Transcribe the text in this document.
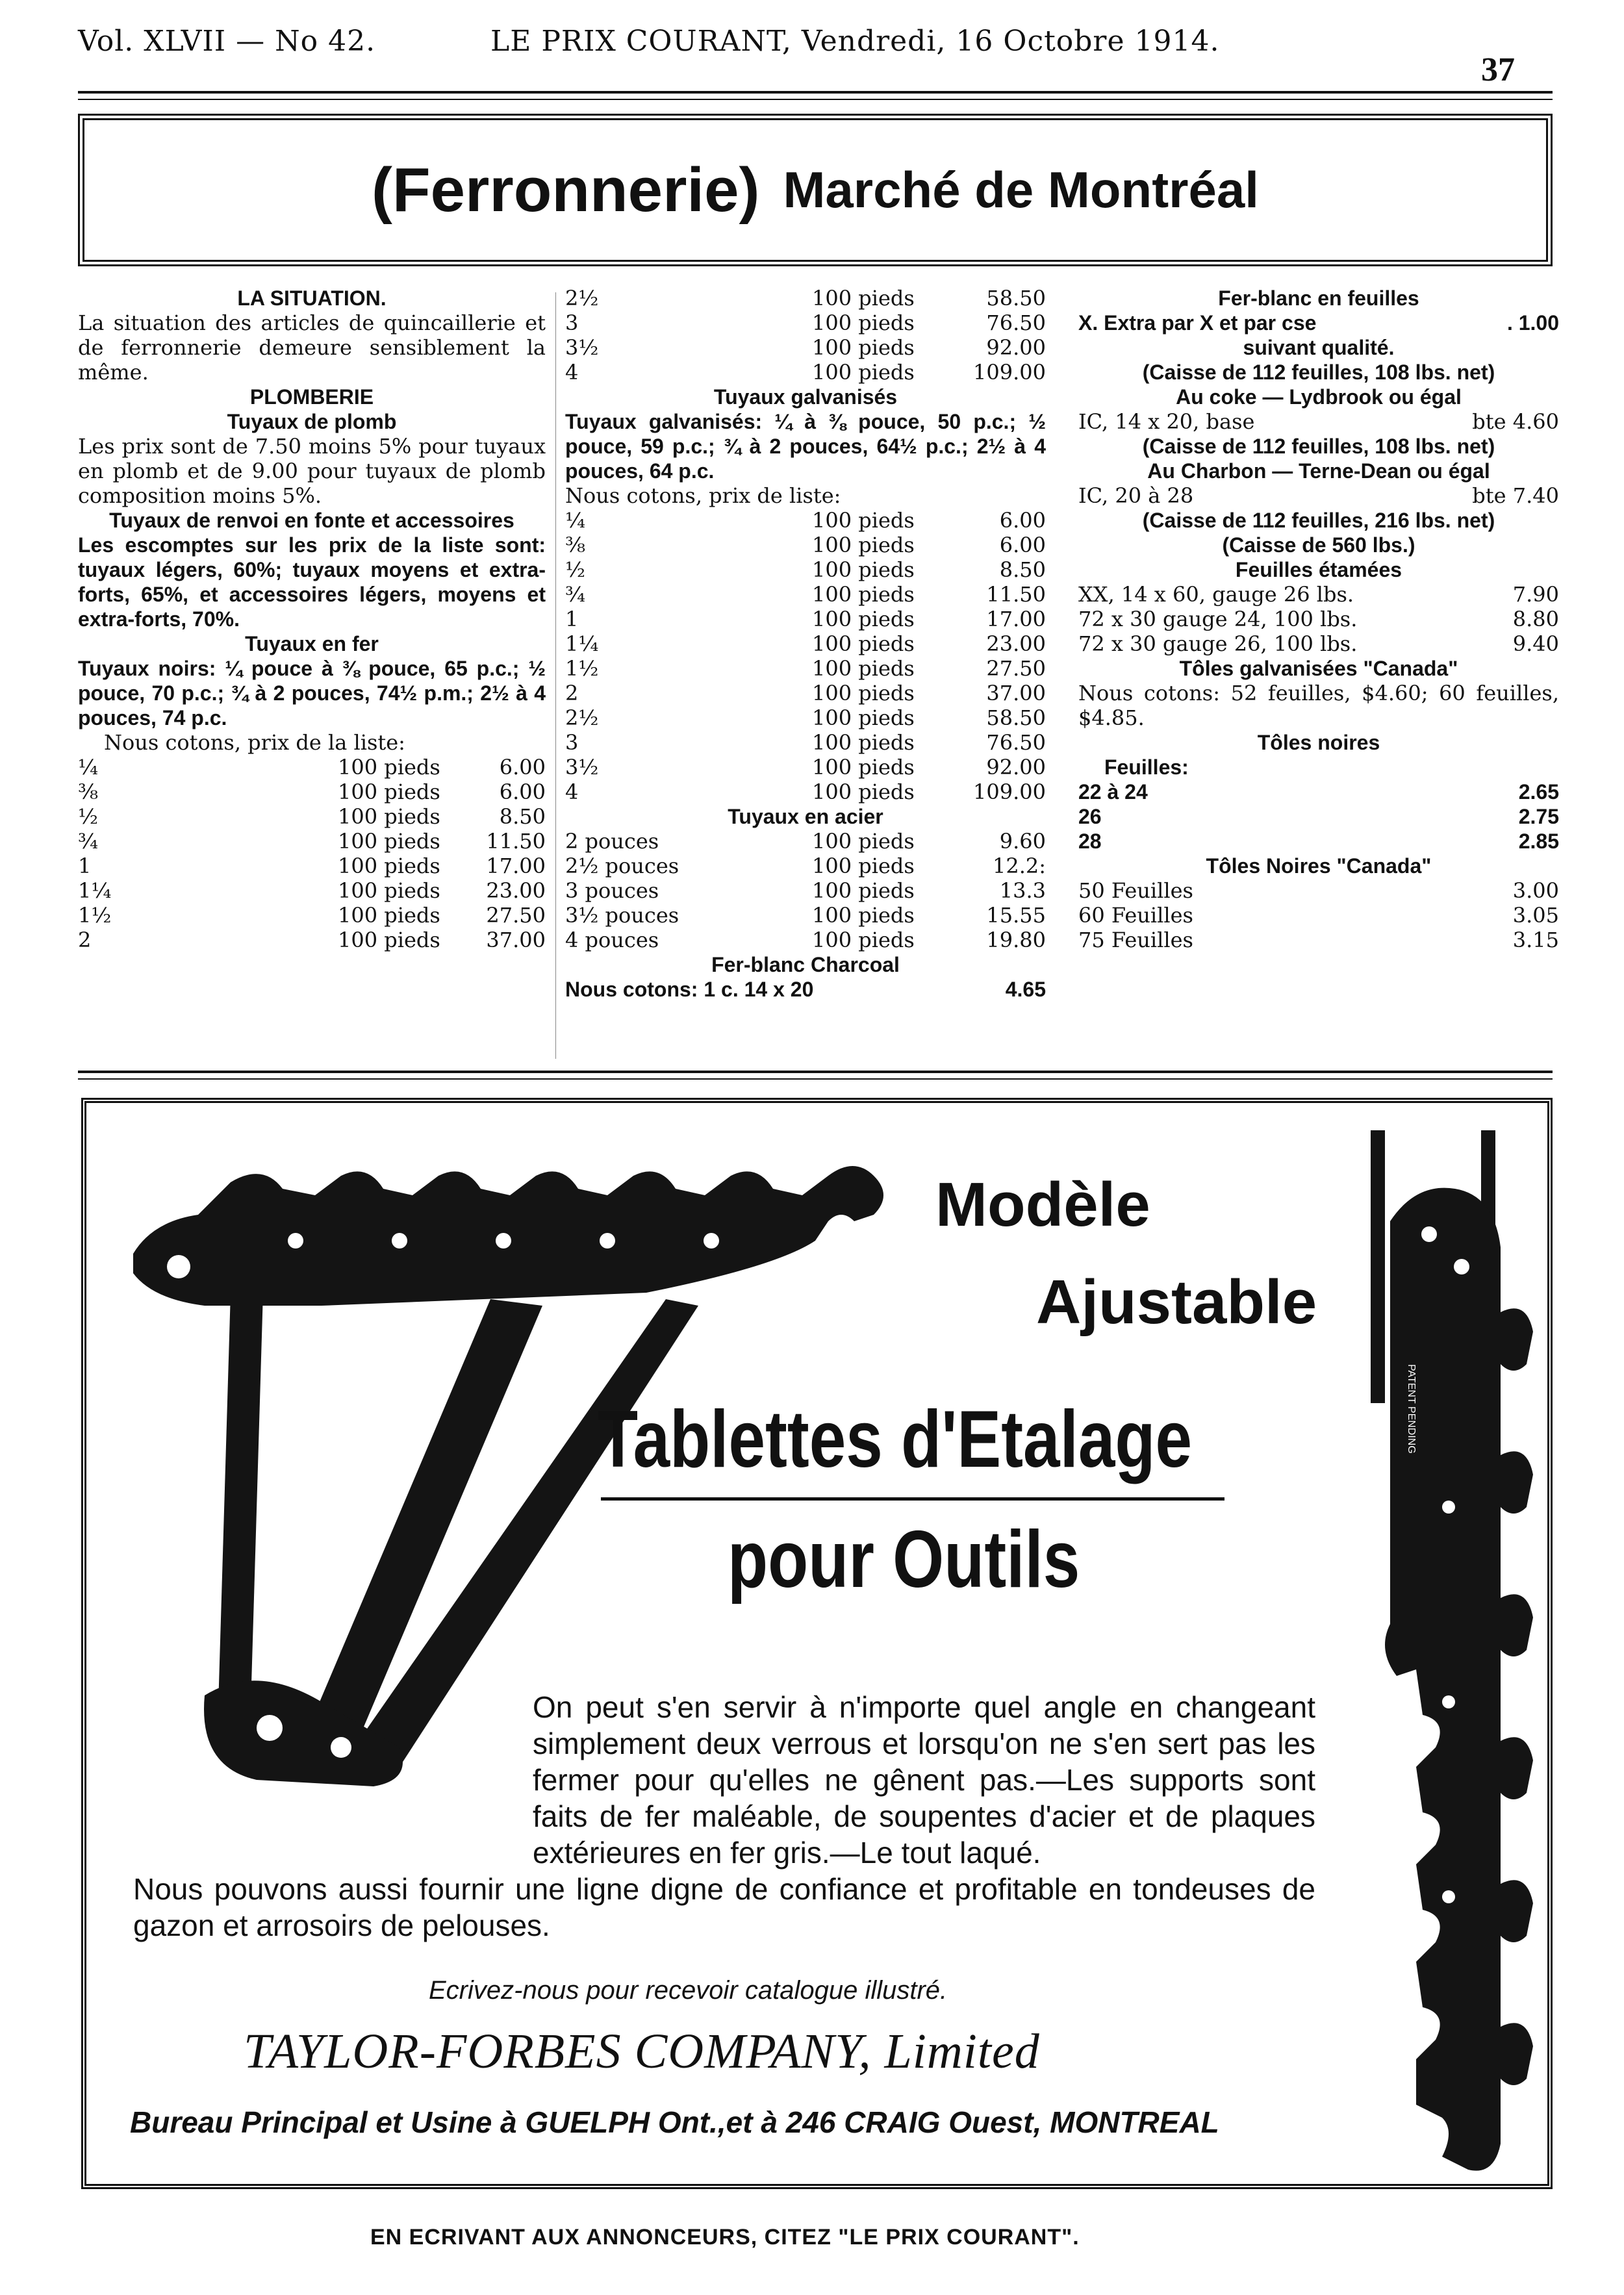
Vol. XLVII — No 42.	LE PRIX COURANT, Vendredi, 16 Octobre 1914.
37
(Ferronnerie) Marché de Montréal
LA SITUATION.
La situation des articles de quincaillerie et de ferronnerie demeure sensiblement la même.
PLOMBERIE
Tuyaux de plomb
Les prix sont de 7.50 moins 5% pour tuyaux en plomb et de 9.00 pour tuyaux de plomb composition moins 5%.
Tuyaux de renvoi en fonte et accessoires
Les escomptes sur les prix de la liste sont: tuyaux légers, 60%; tuyaux moyens et extra-forts, 65%, et accessoires légers, moyens et extra-forts, 70%.
Tuyaux en fer
Tuyaux noirs: ¼ pouce à ⅜ pouce, 65 p.c.; ½ pouce, 70 p.c.; ¾ à 2 pouces, 74½ p.m.; 2½ à 4 pouces, 74 p.c.
Nous cotons, prix de la liste:
¼	100 pieds	6.00
⅜	100 pieds	6.00
½	100 pieds	8.50
¾	100 pieds	11.50
1	100 pieds	17.00
1¼	100 pieds	23.00
1½	100 pieds	27.50
2	100 pieds	37.00
2½	100 pieds	58.50
3	100 pieds	76.50
3½	100 pieds	92.00
4	100 pieds	109.00
Tuyaux galvanisés
Tuyaux galvanisés: ¼ à ⅜ pouce, 50 p.c.; ½ pouce, 59 p.c.; ¾ à 2 pouces, 64½ p.c.; 2½ à 4 pouces, 64 p.c.
Nous cotons, prix de liste:
¼	100 pieds	6.00
⅜	100 pieds	6.00
½	100 pieds	8.50
¾	100 pieds	11.50
1	100 pieds	17.00
1¼	100 pieds	23.00
1½	100 pieds	27.50
2	100 pieds	37.00
2½	100 pieds	58.50
3	100 pieds	76.50
3½	100 pieds	92.00
4	100 pieds	109.00
Tuyaux en acier
2 pouces	100 pieds	9.60
2½ pouces	100 pieds	12.2:
3 pouces	100 pieds	13.3
3½ pouces	100 pieds	15.55
4 pouces	100 pieds	19.80
Fer-blanc Charcoal
Nous cotons: 1 c. 14 x 20	4.65
Fer-blanc en feuilles
X. Extra par X et par cse	. 1.00
suivant qualité.
(Caisse de 112 feuilles, 108 lbs. net)
Au coke — Lydbrook ou égal
IC, 14 x 20, base	bte 4.60
(Caisse de 112 feuilles, 108 lbs. net)
Au Charbon — Terne-Dean ou égal
IC, 20 à 28	bte 7.40
(Caisse de 112 feuilles, 216 lbs. net)
(Caisse de 560 lbs.)
Feuilles étamées
XX, 14 x 60, gauge 26 lbs.	7.90
72 x 30 gauge 24, 100 lbs.	8.80
72 x 30 gauge 26, 100 lbs.	9.40
Tôles galvanisées "Canada"
Nous cotons: 52 feuilles, $4.60; 60 feuilles, $4.85.
Tôles noires
Feuilles:
22 à 24	2.65
26	2.75
28	2.85
Tôles Noires "Canada"
50 Feuilles	3.00
60 Feuilles	3.05
75 Feuilles	3.15
PATENT PENDING
PATENT PENDING
Modèle
Ajustable
Tablettes d'Etalage
pour Outils
On peut s'en servir à n'importe quel angle en changeant simplement deux verrous et lorsqu'on ne s'en sert pas les fermer pour qu'elles ne gênent pas.—Les supports sont faits de fer maléable, de soupentes d'acier et de plaques extérieures en fer gris.—Le tout laqué.
Nous pouvons aussi fournir une ligne digne de confiance et profitable en tondeuses de gazon et arrosoirs de pelouses.
Ecrivez-nous pour recevoir catalogue illustré.
TAYLOR-FORBES COMPANY, Limited
Bureau Principal et Usine à GUELPH Ont.,et à 246 CRAIG Ouest, MONTREAL
EN ECRIVANT AUX ANNONCEURS, CITEZ "LE PRIX COURANT".
